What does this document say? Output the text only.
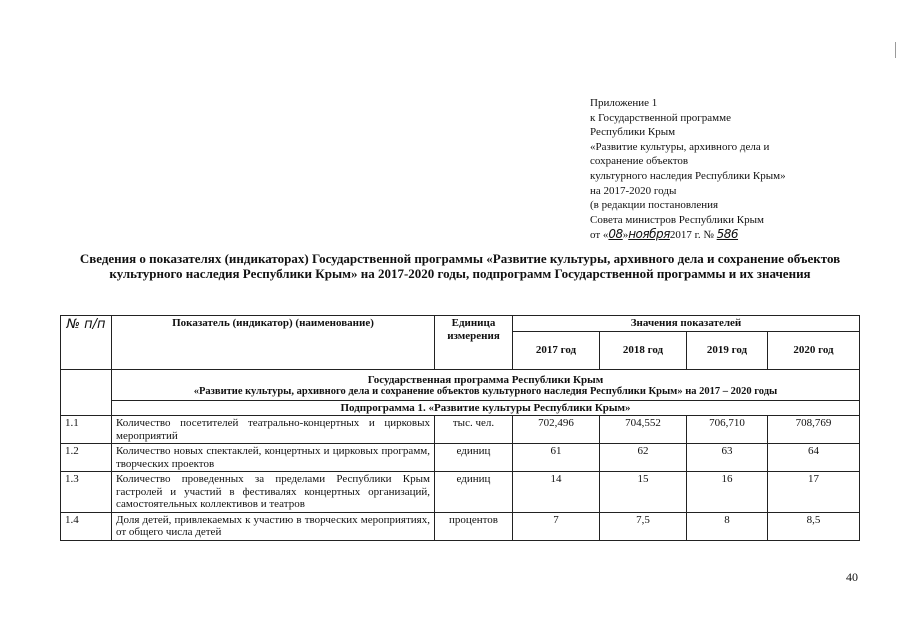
Приложение 1
к Государственной программе
Республики Крым
«Развитие культуры, архивного дела и
сохранение объектов
культурного наследия Республики Крым»
на 2017-2020 годы
(в редакции постановления
Совета министров Республики Крым
от «08»ноября2017 г. № 586
Сведения о показателях (индикаторах) Государственной программы «Развитие культуры, архивного дела и сохранение объектов культурного наследия Республики Крым» на 2017-2020 годы, подпрограмм Государственной программы и их значения
№ п/п	Показатель (индикатор) (наименование)	Единица измерения	Значения показателей			
			2017 год	2018 год	2019 год	2020 год

	Государственная программа Республики Крым
«Развитие культуры, архивного дела и сохранение объектов культурного наследия Республики Крым» на 2017 – 2020 годы					

	Подпрограмма 1. «Развитие культуры Республики Крым»					
1.1	Количество посетителей театрально-концертных и цирковых мероприятий	тыс. чел.	702,496	704,552	706,710	708,769
1.2	Количество новых спектаклей, концертных и цирковых программ, творческих проектов	единиц	61	62	63	64
1.3	Количество проведенных за пределами Республики Крым гастролей и участий в фестивалях концертных организаций, самостоятельных коллективов и театров	единиц	14	15	16	17
1.4	Доля детей, привлекаемых к участию в творческих мероприятиях, от общего числа детей	процентов	7	7,5	8	8,5
40
